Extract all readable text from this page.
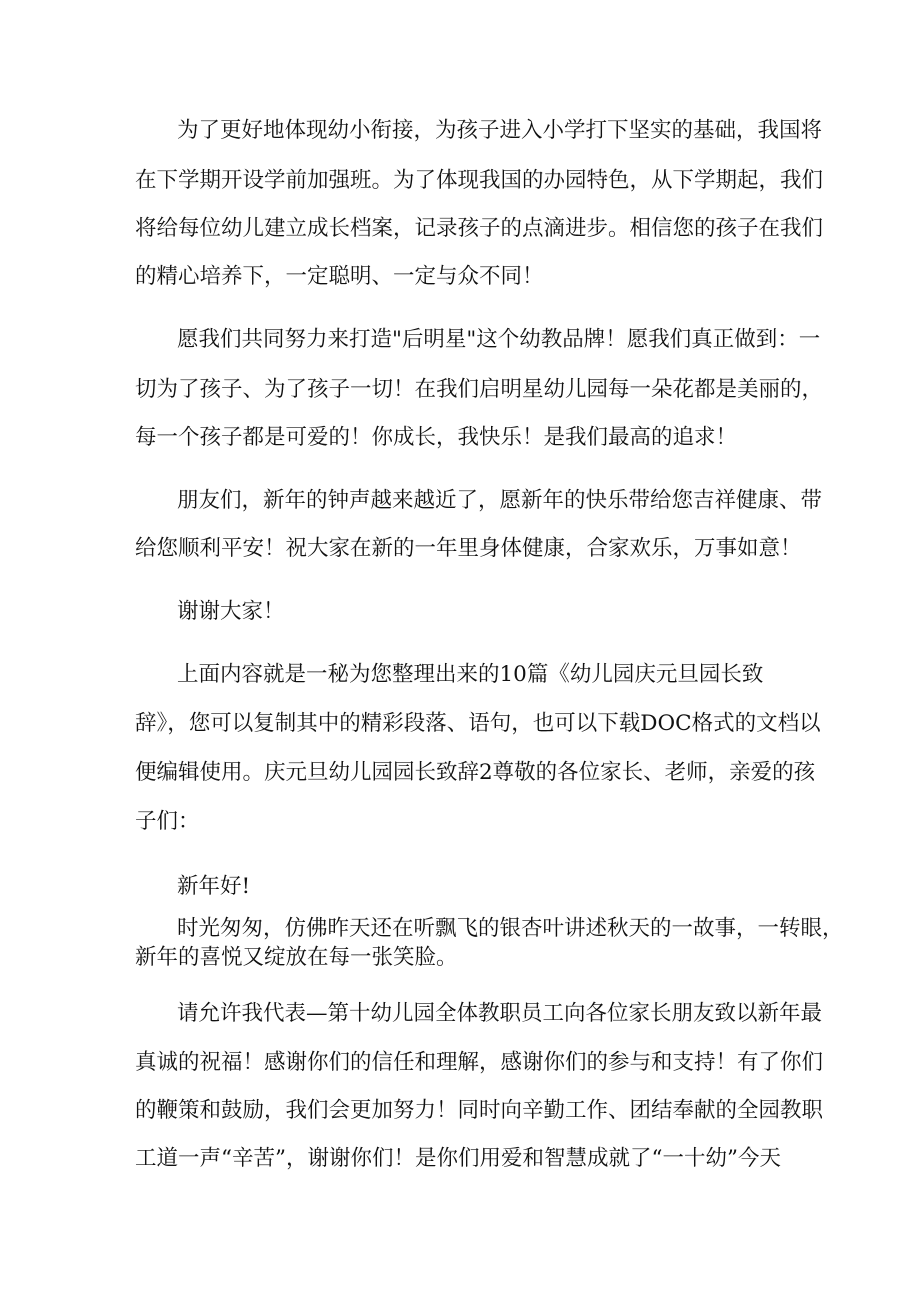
为了更好地体现幼小衔接，为孩子进入小学打下坚实的基础，我国将
在下学期开设学前加强班。为了体现我国的办园特色，从下学期起，我们
将给每位幼儿建立成长档案，记录孩子的点滴进步。相信您的孩子在我们
的精心培养下，一定聪明、一定与众不同！
愿我们共同努力来打造"后明星"这个幼教品牌！愿我们真正做到：一
切为了孩子、为了孩子一切！在我们启明星幼儿园每一朵花都是美丽的，
每一个孩子都是可爱的！你成长，我快乐！是我们最高的追求！
朋友们，新年的钟声越来越近了，愿新年的快乐带给您吉祥健康、带
给您顺利平安！祝大家在新的一年里身体健康，合家欢乐，万事如意！
谢谢大家！
上面内容就是一秘为您整理出来的10篇《幼儿园庆元旦园长致
辞》，您可以复制其中的精彩段落、语句，也可以下载DOC格式的文档以
便编辑使用。庆元旦幼儿园园长致辞2尊敬的各位家长、老师，亲爱的孩
子们：
新年好!
时光匆匆，仿佛昨天还在听飘飞的银杏叶讲述秋天的一故事，一转眼，
新年的喜悦又绽放在每一张笑脸。
请允许我代表—第十幼儿园全体教职员工向各位家长朋友致以新年最
真诚的祝福！感谢你们的信任和理解，感谢你们的参与和支持！有了你们
的鞭策和鼓励，我们会更加努力！同时向辛勤工作、团结奉献的全园教职
工道一声“辛苦”，谢谢你们！是你们用爱和智慧成就了“一十幼”今天
